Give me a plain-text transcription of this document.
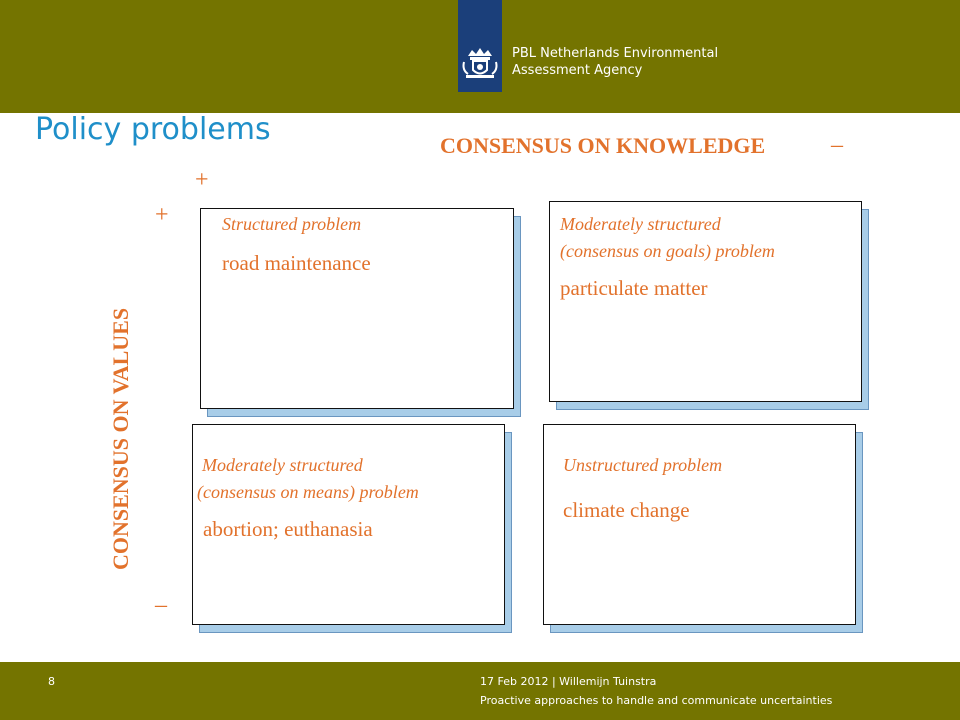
PBL Netherlands Environmental
Assessment Agency
Policy problems	CONSENSUS ON KNOWLEDGE	–
+
+
–
CONSENSUS ON VALUES
Structured problem
road maintenance
Moderately structured
(consensus on goals) problem
particulate matter
Moderately structured
(consensus on means) problem
abortion; euthanasia
Unstructured problem
climate change
8	17 Feb 2012 | Willemijn Tuinstra
Proactive approaches to handle and communicate uncertainties
